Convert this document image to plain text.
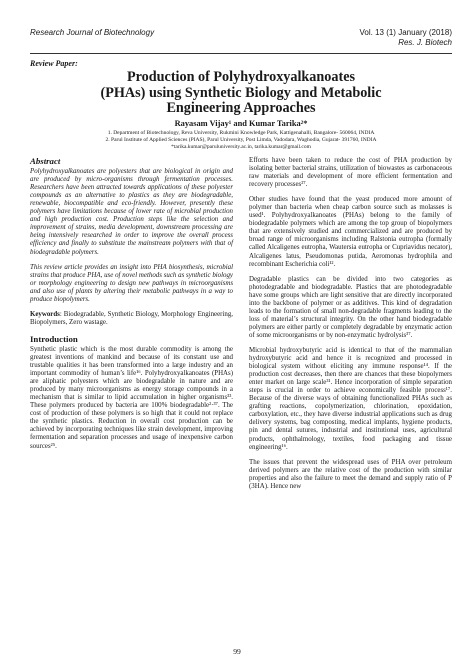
Research Journal of Biotechnology	Vol. 13 (1) January (2018)
Res. J. Biotech
Review Paper:
Production of Polyhydroxyalkanoates
(PHAs) using Synthetic Biology and Metabolic
Engineering Approaches
Rayasam Vijay¹ and Kumar Tarika²*
1. Department of Biotechnology, Reva University, Rukmini Knowledge Park, Kattigenahalli, Bangalore- 560064, INDIA
2. Parul Institute of Applied Sciences (PIAS), Parul University, Post Limda, Vadodara, Waghodia, Gujarat- 391760, INDIA
*tarika.kumar@paruluniversity.ac.in, tarika.kumar@gmail.com
Abstract

Polyhydroxyalkanoates are polyesters that are biological in origin and are produced by micro-organisms through fermentation processes. Researchers have been attracted towards applications of these polyester compounds as an alternative to plastics as they are biodegradable, renewable, biocompatible and eco-friendly. However, presently these polymers have limitations because of lower rate of microbial production and high production cost. Production steps like the selection and improvement of strains, media development, downstream processing are being intensively researched in order to improve the overall process efficiency and finally to substitute the mainstream polymers with that of biodegradable polymers.

This review article provides an insight into PHA biosynthesis, microbial strains that produce PHA, use of novel methods such as synthetic biology or morphology engineering to design new pathways in microorganisms and also use of plants by altering their metabolic pathways in a way to produce biopolymers.

Keywords: Biodegradable, Synthetic Biology, Morphology Engineering, Biopolymers, Zero wastage.

Introduction

Synthetic plastic which is the most durable commodity is among the greatest inventions of mankind and because of its constant use and trustable qualities it has been transformed into a large industry and an important commodity of human’s life¹⁶. Polyhydroxyalkanoates (PHAs) are aliphatic polyesters which are biodegradable in nature and are produced by many microorganisms as energy storage compounds in a mechanism that is similar to lipid accumulation in higher organisms³³. These polymers produced by bacteria are 100% biodegradable²·³⁷. The cost of production of these polymers is so high that it could not replace the synthetic plastics. Reduction in overall cost production can be achieved by incorporating techniques like strain development, improving fermentation and separation processes and usage of inexpensive carbon sources²⁵.

Efforts have been taken to reduce the cost of PHA production by isolating better bacterial strains, utilization of biowastes as carbonaceous raw materials and development of more efficient fermentation and recovery processes²⁷.

Other studies have found that the yeast produced more amount of polymer than bacteria when cheap carbon source such as molasses is used¹. Polyhydroxyalkanoates (PHAs) belong to the family of biodegradable polymers which are among the top group of biopolymers that are extensively studied and commercialized and are produced by broad range of microorganisms including Ralstonia eutropha (formally called Alcaligenes eutropha, Wautersia eutropha or Cupriavidus necator), Alcaligenes latus, Pseudomonas putida, Aeromonas hydrophila and recombinant Escherichia coli¹².

Degradable plastics can be divided into two categories as photodegradable and biodegradable. Plastics that are photodegradable have some groups which are light sensitive that are directly incorporated into the backbone of polymer or as additives. This kind of degradation leads to the formation of small non-degradable fragments leading to the loss of material’s structural integrity. On the other hand biodegradable polymers are either partly or completely degradable by enzymatic action of some microorganisms or by non-enzymatic hydrolysis³⁷.

Microbial hydroxybutyric acid is identical to that of the mammalian hydroxybutyric acid and hence it is recognized and processed in biological system without eliciting any immune response¹⁴. If the production cost decreases, then there are chances that these biopolymers enter market on large scale³¹. Hence incorporation of simple separation steps is crucial in order to achieve economically feasible process¹⁷. Because of the diverse ways of obtaining functionalized PHAs such as grafting reactions, copolymerization, chlorination, epoxidation, carboxylation, etc., they have diverse industrial applications such as drug delivery systems, bag composting, medical implants, hygiene products, pin and dental sutures, industrial and institutional uses, agricultural products, ophthalmology, textiles, food packaging and tissue engineering¹⁶.

The issues that prevent the widespread uses of PHA over petroleum derived polymers are the relative cost of the production with similar properties and also the failure to meet the demand and supply ratio of P (3HA). Hence new

99
